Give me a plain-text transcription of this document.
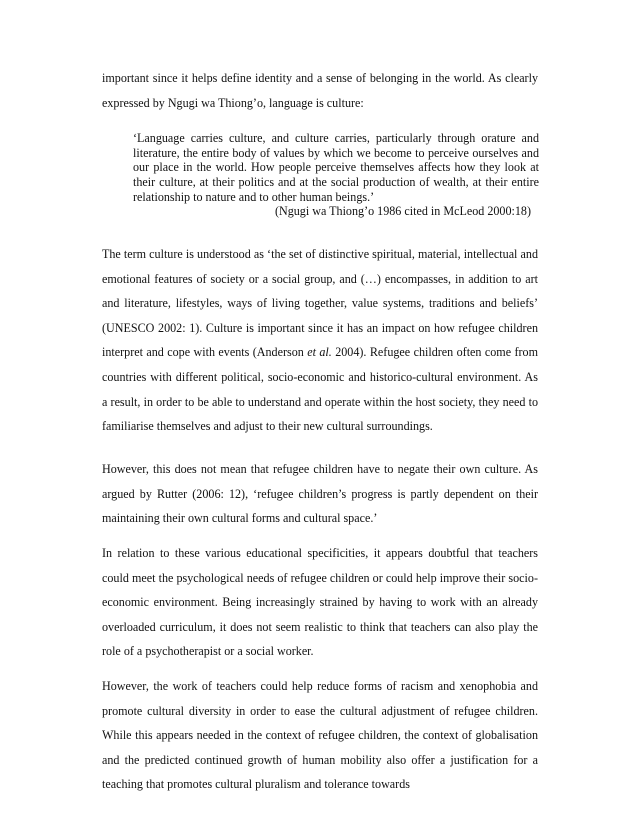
important since it helps define identity and a sense of belonging in the world. As clearly expressed by Ngugi wa Thiong’o, language is culture:

‘Language carries culture, and culture carries, particularly through orature and literature, the entire body of values by which we become to perceive ourselves and our place in the world. How people perceive themselves affects how they look at their culture, at their politics and at the social production of wealth, at their entire relationship to nature and to other human beings.’

(Ngugi wa Thiong’o 1986 cited in McLeod 2000:18)

The term culture is understood as ‘the set of distinctive spiritual, material, intellectual and emotional features of society or a social group, and (…) encompasses, in addition to art and literature, lifestyles, ways of living together, value systems, traditions and beliefs’ (UNESCO 2002: 1). Culture is important since it has an impact on how refugee children interpret and cope with events (Anderson et al. 2004). Refugee children often come from countries with different political, socio-economic and historico-cultural environment. As a result, in order to be able to understand and operate within the host society, they need to familiarise themselves and adjust to their new cultural surroundings.

However, this does not mean that refugee children have to negate their own culture. As argued by Rutter (2006: 12), ‘refugee children’s progress is partly dependent on their maintaining their own cultural forms and cultural space.’

In relation to these various educational specificities, it appears doubtful that teachers could meet the psychological needs of refugee children or could help improve their socio-economic environment. Being increasingly strained by having to work with an already overloaded curriculum, it does not seem realistic to think that teachers can also play the role of a psychotherapist or a social worker.

However, the work of teachers could help reduce forms of racism and xenophobia and promote cultural diversity in order to ease the cultural adjustment of refugee children. While this appears needed in the context of refugee children, the context of globalisation and the predicted continued growth of human mobility also offer a justification for a teaching that promotes cultural pluralism and tolerance towards
